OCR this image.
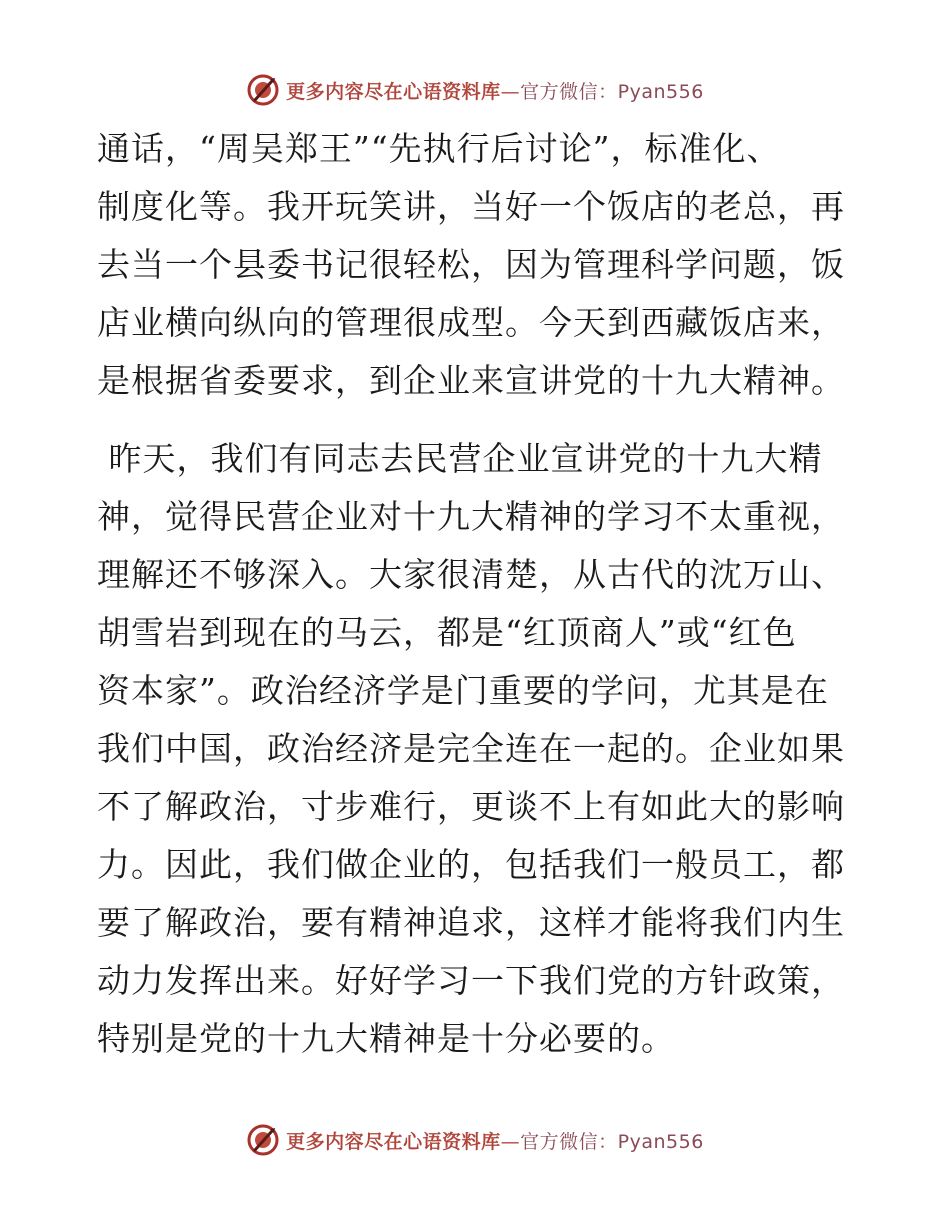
更多内容尽在心语资料库—官方微信：Pyan556
通话，“周吴郑王”“先执行后讨论”，标准化、
制度化等。我开玩笑讲，当好一个饭店的老总，再
去当一个县委书记很轻松，因为管理科学问题，饭
店业横向纵向的管理很成型。今天到西藏饭店来，
是根据省委要求，到企业来宣讲党的十九大精神。
昨天，我们有同志去民营企业宣讲党的十九大精
神，觉得民营企业对十九大精神的学习不太重视，
理解还不够深入。大家很清楚，从古代的沈万山、
胡雪岩到现在的马云，都是“红顶商人”或“红色
资本家”。政治经济学是门重要的学问，尤其是在
我们中国，政治经济是完全连在一起的。企业如果
不了解政治，寸步难行，更谈不上有如此大的影响
力。因此，我们做企业的，包括我们一般员工，都
要了解政治，要有精神追求，这样才能将我们内生
动力发挥出来。好好学习一下我们党的方针政策，
特别是党的十九大精神是十分必要的。
更多内容尽在心语资料库—官方微信：Pyan556
